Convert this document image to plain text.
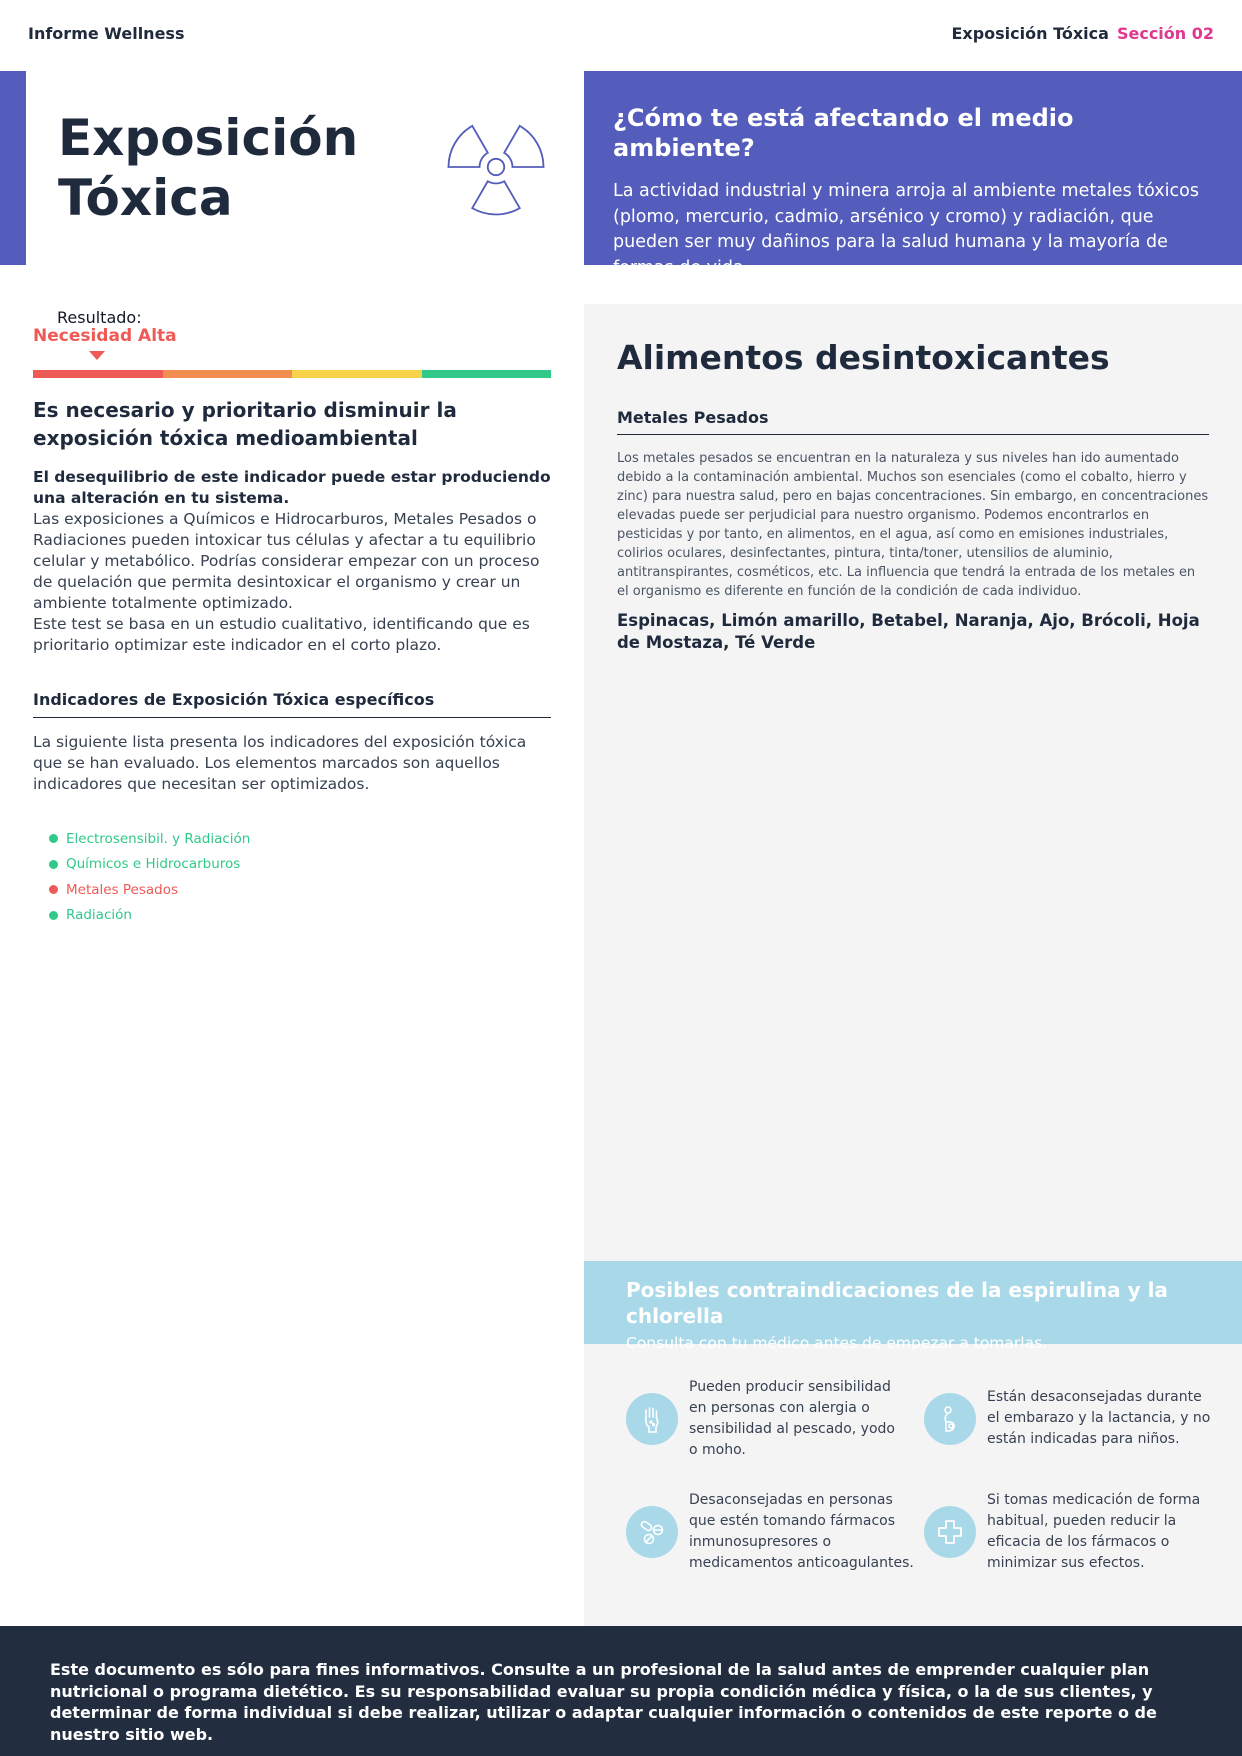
Informe Wellness	Exposición Tóxica Sección 02
Exposición
Tóxica
¿Cómo te está afectando el medio ambiente?

La actividad industrial y minera arroja al ambiente metales tóxicos (plomo, mercurio, cadmio, arsénico y cromo) y radiación, que pueden ser muy dañinos para la salud humana y la mayoría de formas de vida.

Resultado:
Necesidad Alta
Es necesario y prioritario disminuir la exposición tóxica medioambiental
El desequilibrio de este indicador puede estar produciendo una alteración en tu sistema.

Las exposiciones a Químicos e Hidrocarburos, Metales Pesados o Radiaciones pueden intoxicar tus células y afectar a tu equilibrio celular y metabólico. Podrías considerar empezar con un proceso de quelación que permita desintoxicar el organismo y crear un ambiente totalmente optimizado.

Este test se basa en un estudio cualitativo, identificando que es prioritario optimizar este indicador en el corto plazo.

Indicadores de Exposición Tóxica específicos
La siguiente lista presenta los indicadores del exposición tóxica que se han evaluado. Los elementos marcados son aquellos indicadores que necesitan ser optimizados.
Electrosensibil. y Radiación
Químicos e Hidrocarburos
Metales Pesados
Radiación
Alimentos desintoxicantes
Metales Pesados
Los metales pesados se encuentran en la naturaleza y sus niveles han ido aumentado debido a la contaminación ambiental. Muchos son esenciales (como el cobalto, hierro y zinc) para nuestra salud, pero en bajas concentraciones. Sin embargo, en concentraciones elevadas puede ser perjudicial para nuestro organismo. Podemos encontrarlos en pesticidas y por tanto, en alimentos, en el agua, así como en emisiones industriales, colirios oculares, desinfectantes, pintura, tinta/toner, utensilios de aluminio, antitranspirantes, cosméticos, etc. La influencia que tendrá la entrada de los metales en el organismo es diferente en función de la condición de cada individuo.
Espinacas, Limón amarillo, Betabel, Naranja, Ajo, Brócoli, Hoja de Mostaza, Té Verde
Posibles contraindicaciones de la espirulina y la chlorella

Consulta con tu médico antes de empezar a tomarlas.

Pueden producir sensibilidad en personas con alergia o sensibilidad al pescado, yodo o moho.
Están desaconsejadas durante el embarazo y la lactancia, y no están indicadas para niños.
Desaconsejadas en personas que estén tomando fármacos inmunosupresores o medicamentos anticoagulantes.
Si tomas medicación de forma habitual, pueden reducir la eficacia de los fármacos o minimizar sus efectos.
Este documento es sólo para fines informativos. Consulte a un profesional de la salud antes de emprender cualquier plan nutricional o programa dietético. Es su responsabilidad evaluar su propia condición médica y física, o la de sus clientes, y determinar de forma individual si debe realizar, utilizar o adaptar cualquier información o contenidos de este reporte o de nuestro sitio web.
